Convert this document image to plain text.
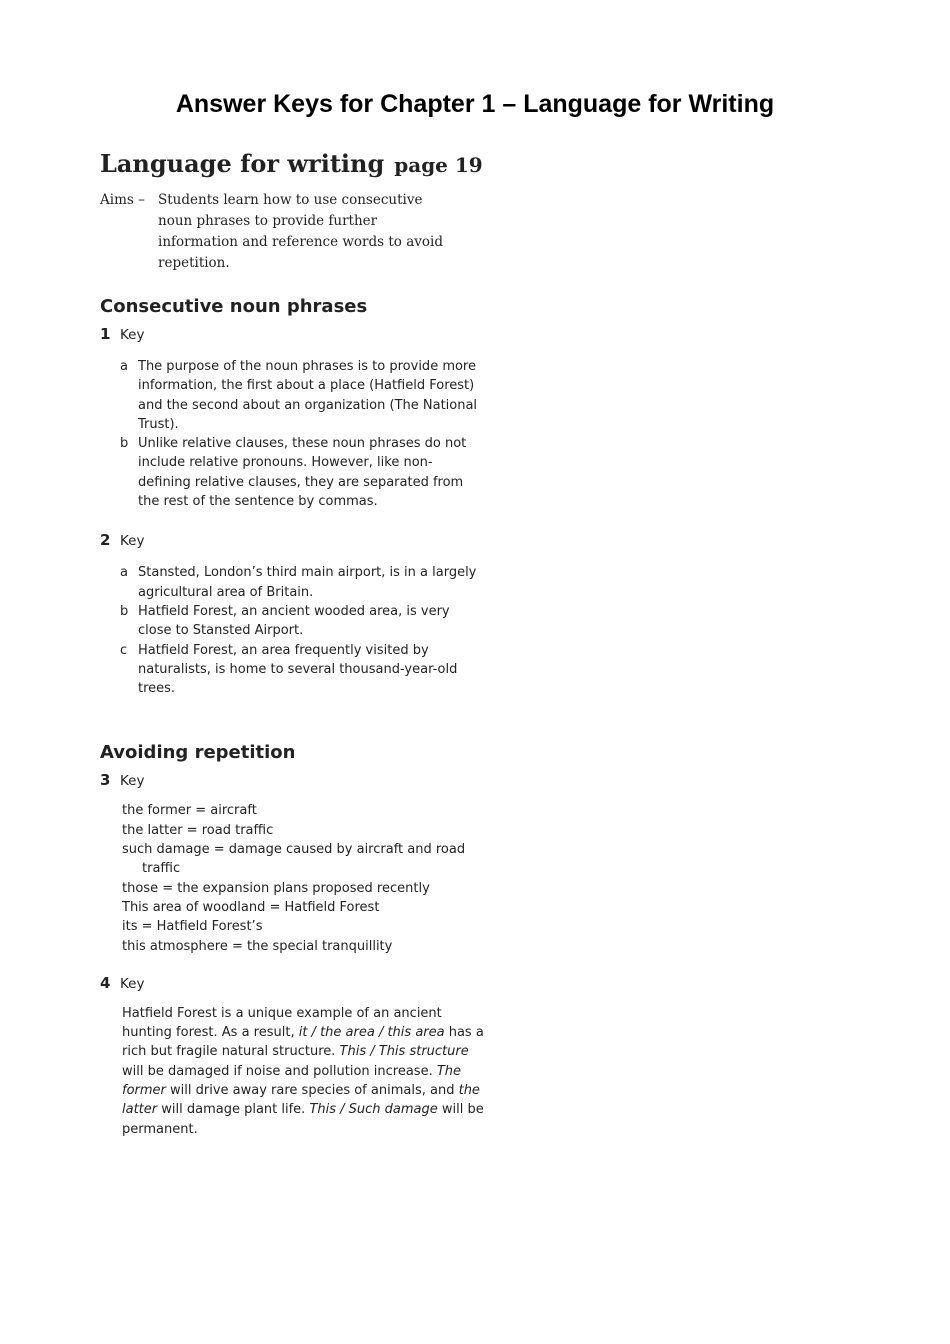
Answer Keys for Chapter 1 – Language for Writing
Language for writing page 19
Aims – Students learn how to use consecutive noun phrases to provide further information and reference words to avoid repetition.
Consecutive noun phrases
1 Key
a The purpose of the noun phrases is to provide more information, the first about a place (Hatfield Forest) and the second about an organization (The National Trust).
b Unlike relative clauses, these noun phrases do not include relative pronouns. However, like non-defining relative clauses, they are separated from the rest of the sentence by commas.
2 Key
a Stansted, London’s third main airport, is in a largely agricultural area of Britain.
b Hatfield Forest, an ancient wooded area, is very close to Stansted Airport.
c Hatfield Forest, an area frequently visited by naturalists, is home to several thousand-year-old trees.
Avoiding repetition
3 Key
the former = aircraft
the latter = road traffic
such damage = damage caused by aircraft and road traffic
those = the expansion plans proposed recently
This area of woodland = Hatfield Forest
its = Hatfield Forest’s
this atmosphere = the special tranquillity
4 Key

Hatfield Forest is a unique example of an ancient hunting forest. As a result, it / the area / this area has a rich but fragile natural structure. This / This structure will be damaged if noise and pollution increase. The former will drive away rare species of animals, and the latter will damage plant life. This / Such damage will be permanent.
